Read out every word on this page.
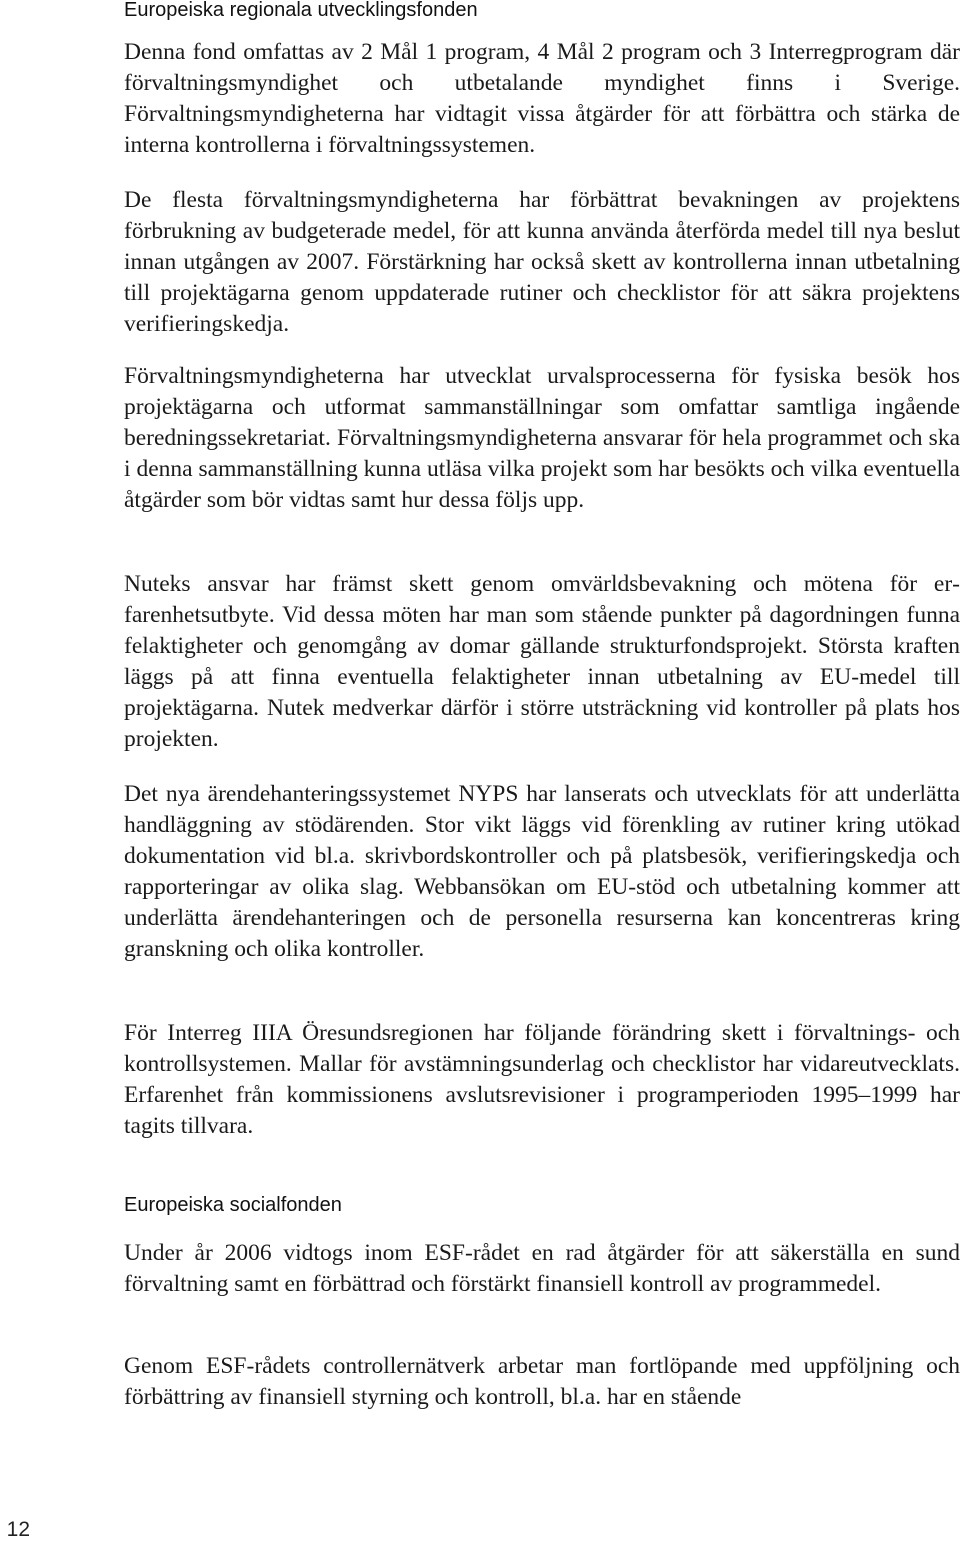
Europeiska regionala utvecklingsfonden

Denna fond omfattas av 2 Mål 1 program, 4 Mål 2 program och 3 Interregprogram där förvaltningsmyndighet och utbetalande myndighet finns i Sverige. Förvaltningsmyndigheterna har vidtagit vissa åtgärder för att förbättra och stärka de interna kontrollerna i förvaltningssystemen.

De flesta förvaltningsmyndigheterna har förbättrat bevakningen av projektens förbrukning av budgeterade medel, för att kunna använda återförda medel till nya beslut innan utgången av 2007. Förstärkning har också skett av kontrollerna innan utbetalning till projektägarna genom uppdaterade rutiner och checklistor för att säkra projektens verifieringskedja.

Förvaltningsmyndigheterna har utvecklat urvalsprocesserna för fysiska besök hos projektägarna och utformat sammanställningar som omfattar samtliga ingående beredningssekretariat. Förvaltningsmyndigheterna ansvarar för hela programmet och ska i denna sammanställning kunna utläsa vilka projekt som har besökts och vilka eventuella åtgärder som bör vidtas samt hur dessa följs upp.

Nuteks ansvar har främst skett genom omvärldsbevakning och mötena för erfarenhetsutbyte. Vid dessa möten har man som stående punkter på dagordningen funna felaktigheter och genomgång av domar gällande strukturfondsprojekt. Största kraften läggs på att finna eventuella felaktigheter innan utbetalning av EU-medel till projektägarna. Nutek medverkar därför i större utsträckning vid kontroller på plats hos projekten.

Det nya ärendehanteringssystemet NYPS har lanserats och utvecklats för att underlätta handläggning av stödärenden. Stor vikt läggs vid förenkling av rutiner kring utökad dokumentation vid bl.a. skrivbordskontroller och på platsbesök, verifieringskedja och rapporteringar av olika slag. Webbansökan om EU-stöd och utbetalning kommer att underlätta ärendehanteringen och de personella resurserna kan koncentreras kring granskning och olika kontroller.

För Interreg IIIA Öresundsregionen har följande förändring skett i förvaltnings- och kontrollsystemen. Mallar för avstämningsunderlag och checklistor har vidareutvecklats. Erfarenhet från kommissionens avslutsrevisioner i programperioden 1995–1999 har tagits tillvara.

Europeiska socialfonden

Under år 2006 vidtogs inom ESF-rådet en rad åtgärder för att säkerställa en sund förvaltning samt en förbättrad och förstärkt finansiell kontroll av programmedel.

Genom ESF-rådets controllernätverk arbetar man fortlöpande med uppföljning och förbättring av finansiell styrning och kontroll, bl.a. har en stående

12
